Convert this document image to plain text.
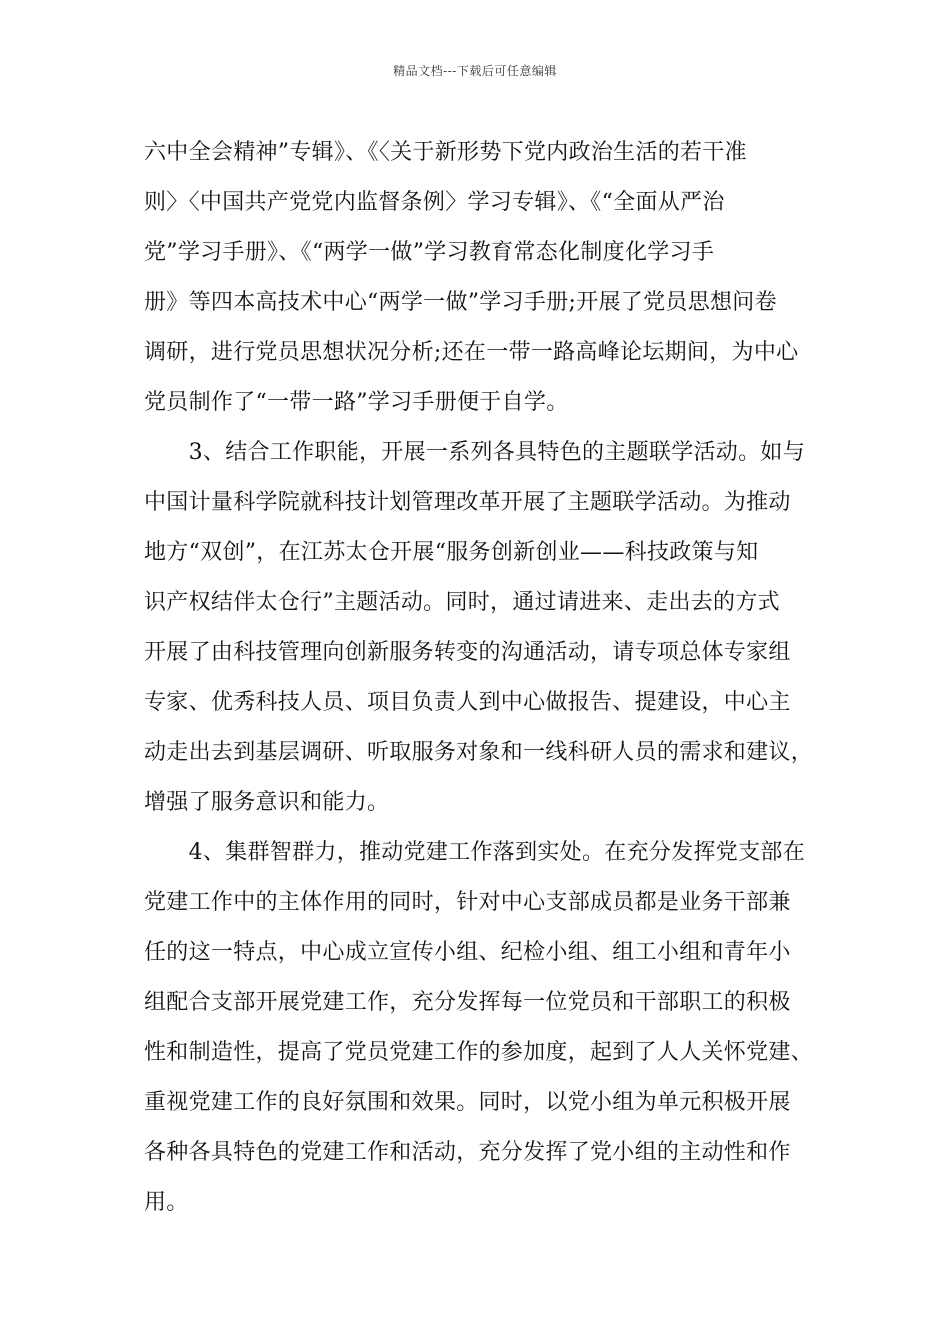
精品文档---下载后可任意编辑
六中全会精神”专辑》、《〈关于新形势下党内政治生活的若干准
则〉〈中国共产党党内监督条例〉学习专辑》、《“全面从严治
党”学习手册》、《“两学一做”学习教育常态化制度化学习手
册》等四本高技术中心“两学一做”学习手册;开展了党员思想问卷
调研，进行党员思想状况分析;还在一带一路高峰论坛期间，为中心
党员制作了“一带一路”学习手册便于自学。
　　3、结合工作职能，开展一系列各具特色的主题联学活动。如与
中国计量科学院就科技计划管理改革开展了主题联学活动。为推动
地方“双创”，在江苏太仓开展“服务创新创业——科技政策与知
识产权结伴太仓行”主题活动。同时，通过请进来、走出去的方式
开展了由科技管理向创新服务转变的沟通活动，请专项总体专家组
专家、优秀科技人员、项目负责人到中心做报告、提建设，中心主
动走出去到基层调研、听取服务对象和一线科研人员的需求和建议，
增强了服务意识和能力。
　　4、集群智群力，推动党建工作落到实处。在充分发挥党支部在
党建工作中的主体作用的同时，针对中心支部成员都是业务干部兼
任的这一特点，中心成立宣传小组、纪检小组、组工小组和青年小
组配合支部开展党建工作，充分发挥每一位党员和干部职工的积极
性和制造性，提高了党员党建工作的参加度，起到了人人关怀党建、
重视党建工作的良好氛围和效果。同时，以党小组为单元积极开展
各种各具特色的党建工作和活动，充分发挥了党小组的主动性和作
用。
